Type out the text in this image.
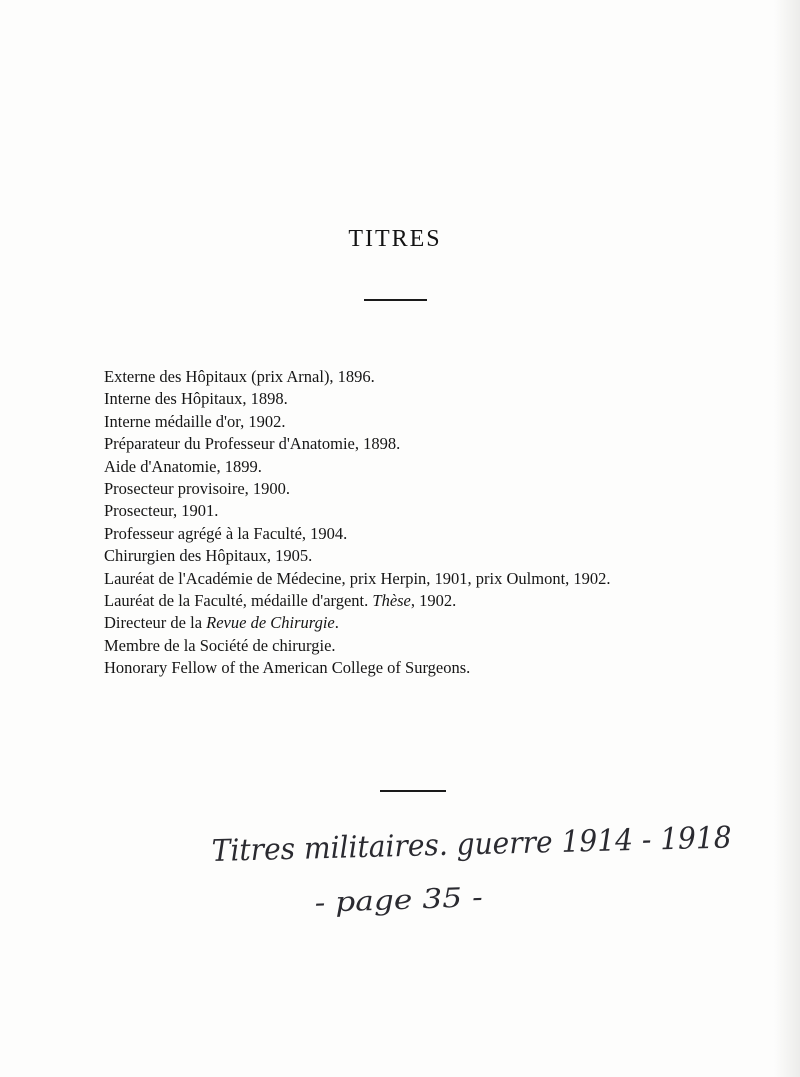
TITRES
Externe des Hôpitaux (prix Arnal), 1896.
Interne des Hôpitaux, 1898.
Interne médaille d'or, 1902.
Préparateur du Professeur d'Anatomie, 1898.
Aide d'Anatomie, 1899.
Prosecteur provisoire, 1900.
Prosecteur, 1901.
Professeur agrégé à la Faculté, 1904.
Chirurgien des Hôpitaux, 1905.
Lauréat de l'Académie de Médecine, prix Herpin, 1901, prix Oulmont, 1902.
Lauréat de la Faculté, médaille d'argent. Thèse, 1902.
Directeur de la Revue de Chirurgie.
Membre de la Société de chirurgie.
Honorary Fellow of the American College of Surgeons.
Titres militaires. guerre 1914 - 1918
- page 35 -
